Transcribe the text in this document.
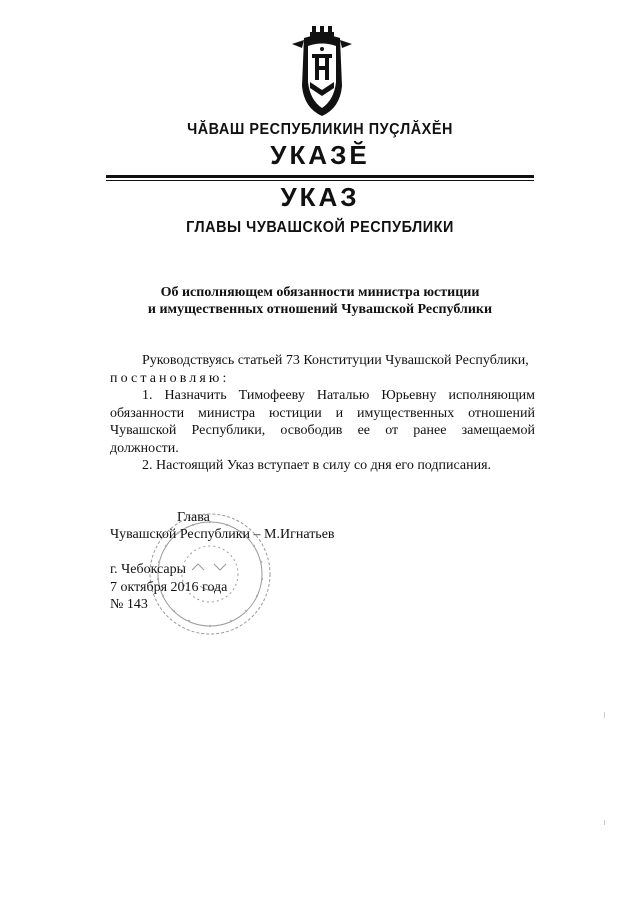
ЧĂВАШ РЕСПУБЛИКИН ПУÇЛĂХĔН
УКАЗĔ
УКАЗ
ГЛАВЫ ЧУВАШСКОЙ РЕСПУБЛИКИ
Об исполняющем обязанности министра юстиции
и имущественных отношений Чувашской Республики

Руководствуясь статьей 73 Конституции Чувашской Республики,

постановляю:

1. Назначить Тимофееву Наталью Юрьевну исполняющим обязанности министра юстиции и имущественных отношений Чувашской Республики, освободив ее от ранее замещаемой должности.

2. Настоящий Указ вступает в силу со дня его подписания.

Глава
Чувашской Республики – М.Игнатьев
г. Чебоксары
7 октября 2016 года
№ 143
